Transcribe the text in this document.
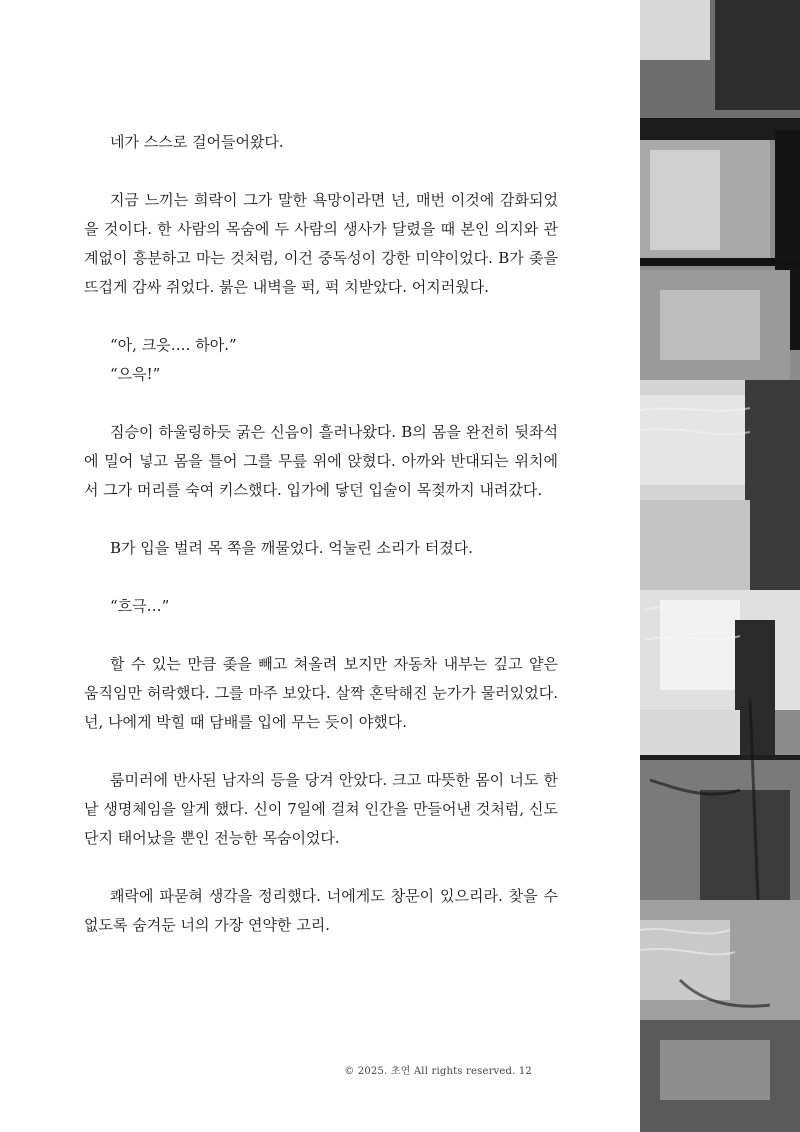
네가 스스로 걸어들어왔다.

지금 느끼는 희락이 그가 말한 욕망이라면 넌, 매번 이것에 감화되었을 것이다. 한 사람의 목숨에 두 사람의 생사가 달렸을 때 본인 의지와 관계없이 흥분하고 마는 것처럼, 이건 중독성이 강한 미약이었다. B가 좆을 뜨겁게 감싸 쥐었다. 붉은 내벽을 퍽, 퍽 치받았다. 어지러웠다.

“아, 크읏…. 하아.”

“으윽!”

짐승이 하울링하듯 굵은 신음이 흘러나왔다. B의 몸을 완전히 뒷좌석에 밀어 넣고 몸을 틀어 그를 무릎 위에 앉혔다. 아까와 반대되는 위치에서 그가 머리를 숙여 키스했다. 입가에 닿던 입술이 목젖까지 내려갔다.

B가 입을 벌려 목 쪽을 깨물었다. 억눌린 소리가 터졌다.

“흐극…”

할 수 있는 만큼 좆을 빼고 쳐올려 보지만 자동차 내부는 깊고 얕은 움직임만 허락했다. 그를 마주 보았다. 살짝 혼탁해진 눈가가 물러있었다. 넌, 나에게 박힐 때 담배를 입에 무는 듯이 야했다.

룸미러에 반사된 남자의 등을 당겨 안았다. 크고 따뜻한 몸이 너도 한낱 생명체임을 알게 했다. 신이 7일에 걸쳐 인간을 만들어낸 것처럼, 신도 단지 태어났을 뿐인 전능한 목숨이었다.

쾌락에 파묻혀 생각을 정리했다. 너에게도 창문이 있으리라. 찾을 수 없도록 숨겨둔 너의 가장 연약한 고리.

© 2025. 초연 All rights reserved. 12
